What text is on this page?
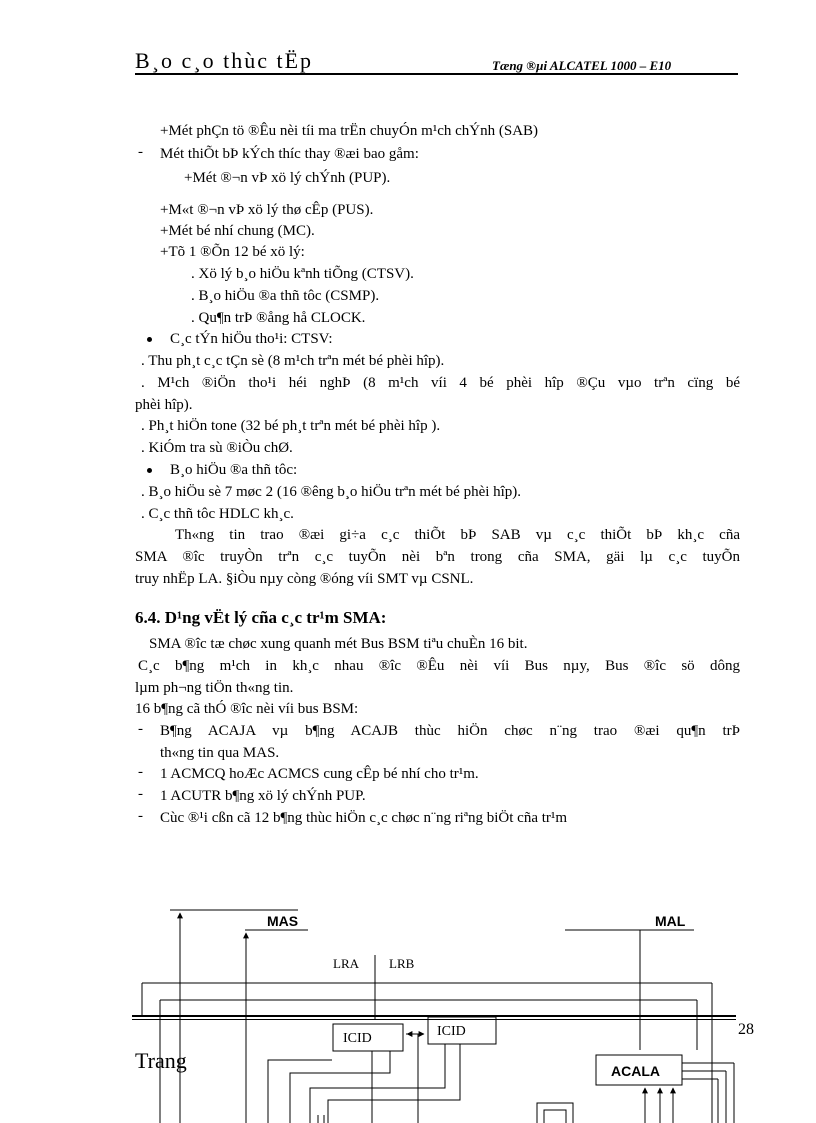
B¸o c¸o thùc tËp	Tæng ®µi ALCATEL 1000 – E10
+Mét phÇn tö ®Êu nèi tíi ma trËn chuyÓn m¹ch chÝnh (SAB)
- Mét thiÕt bÞ kÝch thíc thay ®æi bao gåm:
+Mét ®¬n vÞ xö lý chÝnh (PUP).
+M«t ®¬n vÞ xö lý thø cÊp (PUS).
+Mét bé nhí chung (MC).
+Tõ 1 ®Õn 12 bé xö lý:
. Xö lý b¸o hiÖu kªnh tiÕng (CTSV).
. B¸o hiÖu ®a thñ tôc (CSMP).
. Qu¶n trÞ ®ång hå CLOCK.
C¸c tÝn hiÖu tho¹i: CTSV:
. Thu ph¸t c¸c tÇn sè (8 m¹ch trªn mét bé phèi hîp).
. M¹ch ®iÖn tho¹i héi nghÞ (8 m¹ch víi 4 bé phèi hîp ®Çu vµo trªn cïng bé
phèi hîp).
. Ph¸t hiÖn tone (32 bé ph¸t trªn mét bé phèi hîp ).
. KiÓm tra sù ®iÒu chØ.
B¸o hiÖu ®a thñ tôc:
. B¸o hiÖu sè 7 møc 2 (16 ®êng b¸o hiÖu trªn mét bé phèi hîp).
. C¸c thñ tôc HDLC kh¸c.
Th«ng tin trao ®æi gi÷a c¸c thiÕt bÞ SAB vµ c¸c thiÕt bÞ kh¸c cña
SMA ®îc truyÒn trªn c¸c tuyÕn nèi bªn trong cña SMA, gäi lµ c¸c tuyÕn
truy nhËp LA. §iÒu nµy còng ®óng víi SMT vµ CSNL.
6.4. D¹ng vËt lý cña c¸c tr¹m SMA:
SMA ®îc tæ chøc xung quanh mét Bus BSM tiªu chuÈn 16 bit.
C¸c b¶ng m¹ch in kh¸c nhau ®îc ®Êu nèi víi Bus nµy, Bus ®îc sö dông
lµm ph¬ng tiÖn th«ng tin.
16 b¶ng cã thÓ ®îc nèi víi bus BSM:
- B¶ng ACAJA vµ b¶ng ACAJB thùc hiÖn chøc n¨ng trao ®æi qu¶n trÞ
th«ng tin qua MAS.
- 1 ACMCQ hoÆc ACMCS cung cÊp bé nhí cho tr¹m.
- 1 ACUTR b¶ng xö lý chÝnh PUP.
- Cùc ®¹i cßn cã 12 b¶ng thùc hiÖn c¸c chøc n¨ng riªng biÖt cña tr¹m
MAS	MAL
LRA LRB
ICID	ICID
ACALA
28
Trang
